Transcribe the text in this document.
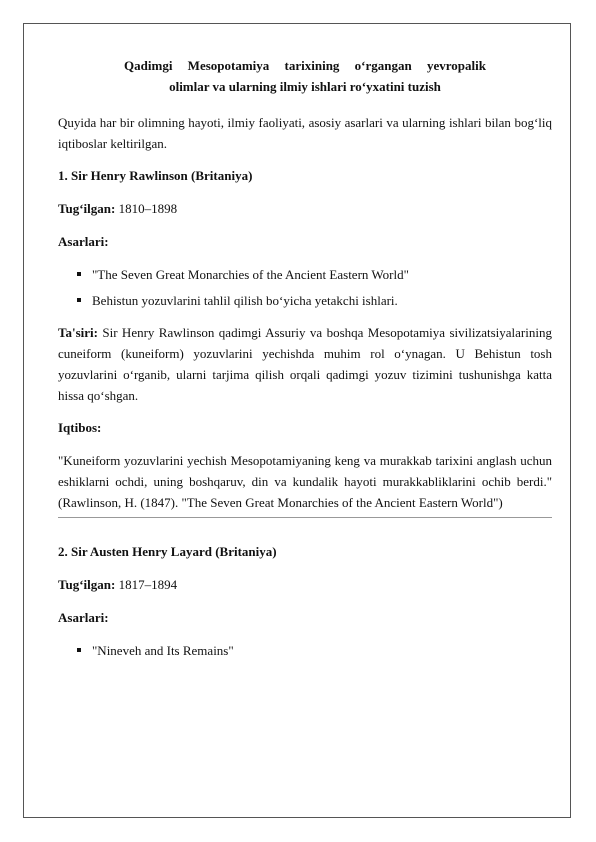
Qadimgi Mesopotamiya tarixining o‘rgangan yevropalik
olimlar va ularning ilmiy ishlari ro‘yxatini tuzish

Quyida har bir olimning hayoti, ilmiy faoliyati, asosiy asarlari va ularning ishlari bilan bog‘liq iqtiboslar keltirilgan.

1. Sir Henry Rawlinson (Britaniya)

Tug‘ilgan: 1810–1898

Asarlari:

"The Seven Great Monarchies of the Ancient Eastern World"
Behistun yozuvlarini tahlil qilish bo‘yicha yetakchi ishlari.

Ta'siri: Sir Henry Rawlinson qadimgi Assuriy va boshqa Mesopotamiya sivilizatsiyalarining cuneiform (kuneiform) yozuvlarini yechishda muhim rol o‘ynagan. U Behistun tosh yozuvlarini o‘rganib, ularni tarjima qilish orqali qadimgi yozuv tizimini tushunishga katta hissa qo‘shgan.

Iqtibos:

"Kuneiform yozuvlarini yechish Mesopotamiyaning keng va murakkab tarixini anglash uchun eshiklarni ochdi, uning boshqaruv, din va kundalik hayoti murakkabliklarini ochib berdi."

(Rawlinson, H. (1847). "The Seven Great Monarchies of the Ancient Eastern World")

2. Sir Austen Henry Layard (Britaniya)

Tug‘ilgan: 1817–1894

Asarlari:

"Nineveh and Its Remains"
